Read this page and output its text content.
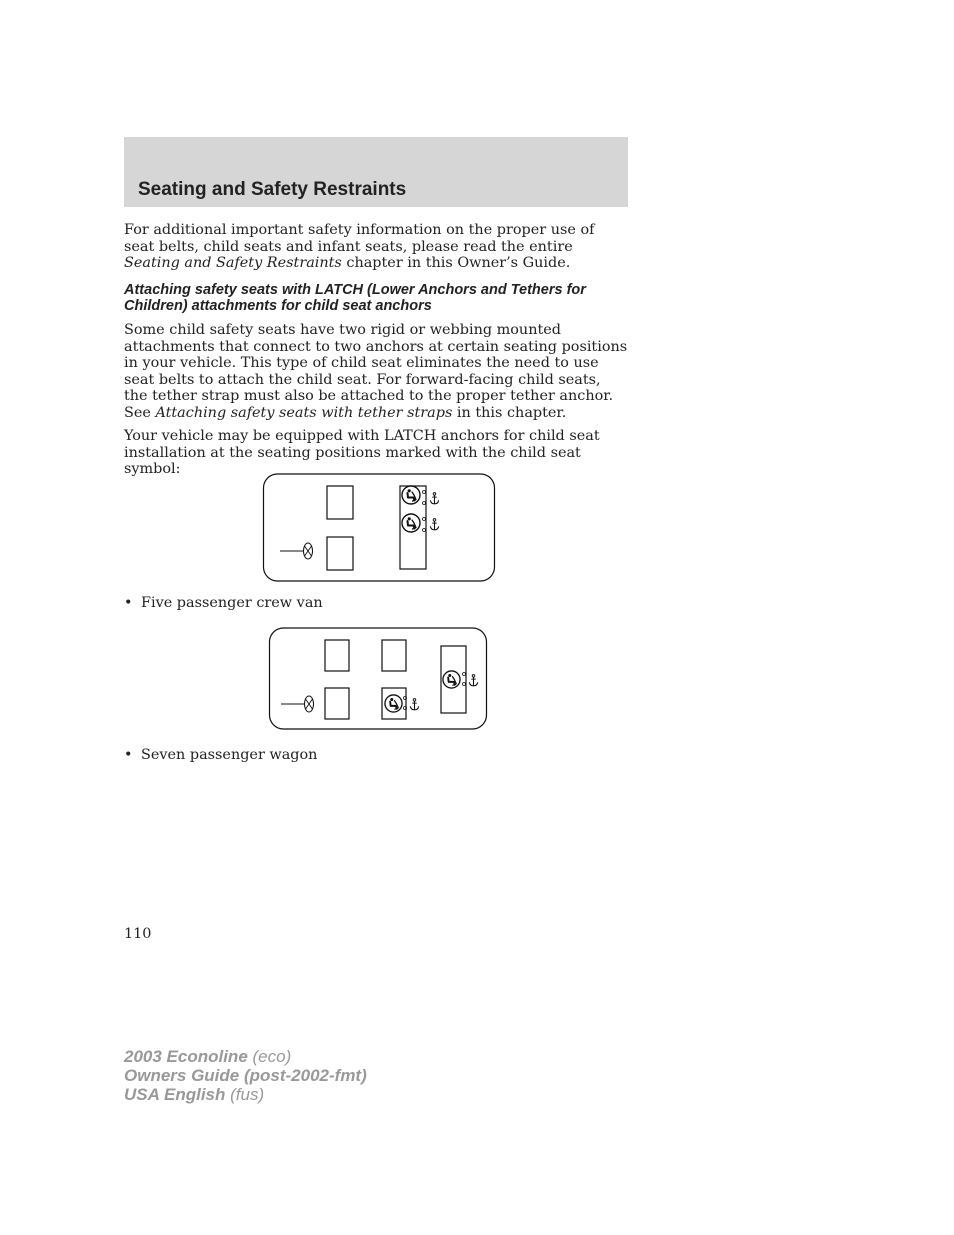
Seating and Safety Restraints

For additional important safety information on the proper use of seat belts, child seats and infant seats, please read the entire Seating and Safety Restraints chapter in this Owner’s Guide.

Attaching safety seats with LATCH (Lower Anchors and Tethers for Children) attachments for child seat anchors

Some child safety seats have two rigid or webbing mounted attachments that connect to two anchors at certain seating positions in your vehicle. This type of child seat eliminates the need to use seat belts to attach the child seat. For forward-facing child seats, the tether strap must also be attached to the proper tether anchor. See Attaching safety seats with tether straps in this chapter.

Your vehicle may be equipped with LATCH anchors for child seat installation at the seating positions marked with the child seat symbol:

• Five passenger crew van
• Seven passenger wagon
110
2003 Econoline (eco)
Owners Guide (post-2002-fmt)
USA English (fus)
